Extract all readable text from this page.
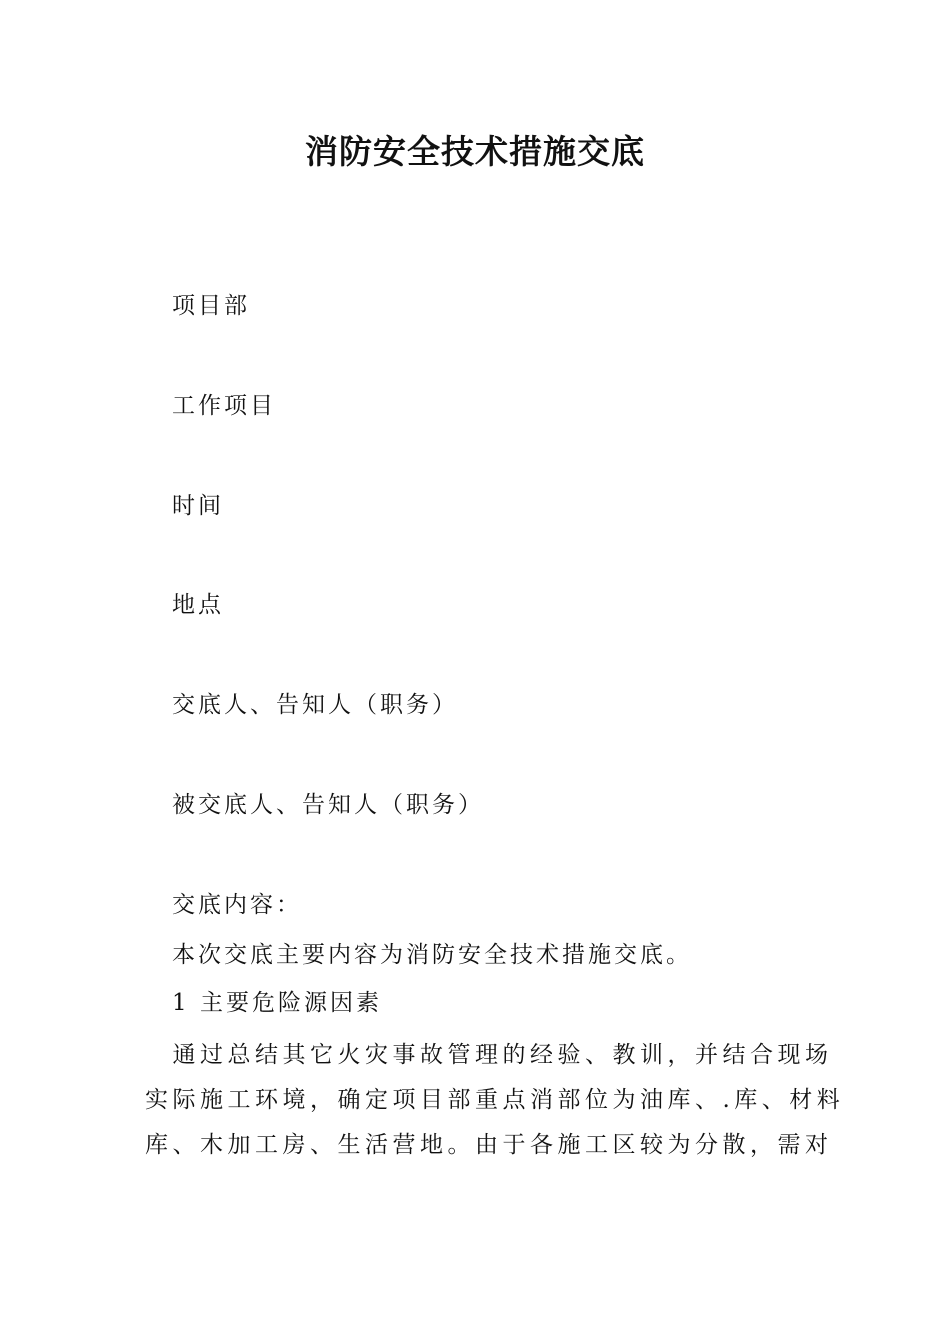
消防安全技术措施交底
项目部
工作项目
时间
地点
交底人、告知人（职务）
被交底人、告知人（职务）
交底内容：
本次交底主要内容为消防安全技术措施交底。
1 主要危险源因素
　通过总结其它火灾事故管理的经验、教训，并结合现场
实际施工环境，确定项目部重点消部位为油库、.库、材料
库、木加工房、生活营地。由于各施工区较为分散，需对
